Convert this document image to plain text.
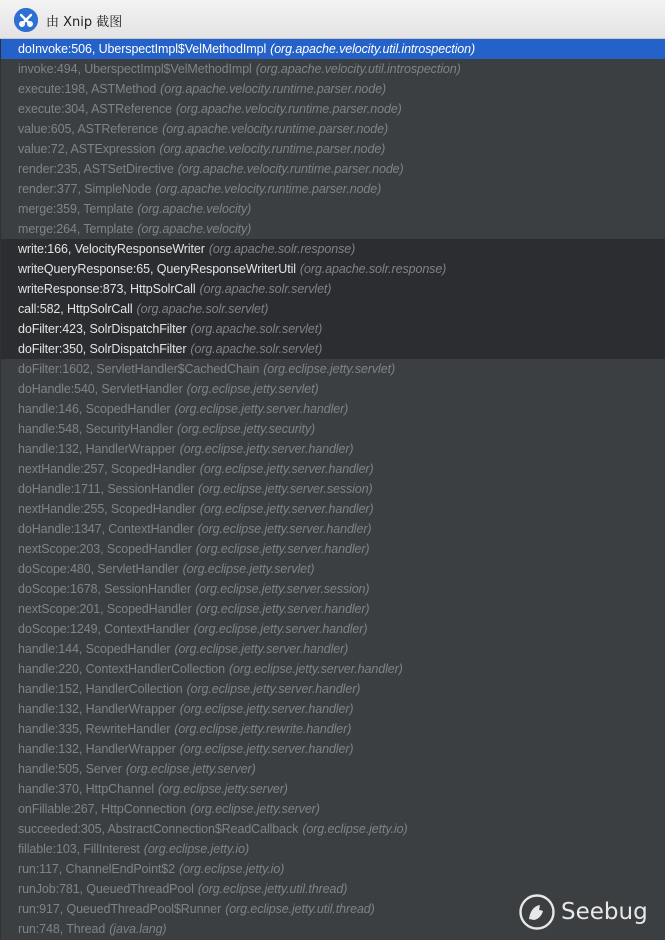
由 Xnip 截图
doInvoke:506, UberspectImpl$VelMethodImpl (org.apache.velocity.util.introspection)
invoke:494, UberspectImpl$VelMethodImpl (org.apache.velocity.util.introspection)
execute:198, ASTMethod (org.apache.velocity.runtime.parser.node)
execute:304, ASTReference (org.apache.velocity.runtime.parser.node)
value:605, ASTReference (org.apache.velocity.runtime.parser.node)
value:72, ASTExpression (org.apache.velocity.runtime.parser.node)
render:235, ASTSetDirective (org.apache.velocity.runtime.parser.node)
render:377, SimpleNode (org.apache.velocity.runtime.parser.node)
merge:359, Template (org.apache.velocity)
merge:264, Template (org.apache.velocity)
write:166, VelocityResponseWriter (org.apache.solr.response)
writeQueryResponse:65, QueryResponseWriterUtil (org.apache.solr.response)
writeResponse:873, HttpSolrCall (org.apache.solr.servlet)
call:582, HttpSolrCall (org.apache.solr.servlet)
doFilter:423, SolrDispatchFilter (org.apache.solr.servlet)
doFilter:350, SolrDispatchFilter (org.apache.solr.servlet)
doFilter:1602, ServletHandler$CachedChain (org.eclipse.jetty.servlet)
doHandle:540, ServletHandler (org.eclipse.jetty.servlet)
handle:146, ScopedHandler (org.eclipse.jetty.server.handler)
handle:548, SecurityHandler (org.eclipse.jetty.security)
handle:132, HandlerWrapper (org.eclipse.jetty.server.handler)
nextHandle:257, ScopedHandler (org.eclipse.jetty.server.handler)
doHandle:1711, SessionHandler (org.eclipse.jetty.server.session)
nextHandle:255, ScopedHandler (org.eclipse.jetty.server.handler)
doHandle:1347, ContextHandler (org.eclipse.jetty.server.handler)
nextScope:203, ScopedHandler (org.eclipse.jetty.server.handler)
doScope:480, ServletHandler (org.eclipse.jetty.servlet)
doScope:1678, SessionHandler (org.eclipse.jetty.server.session)
nextScope:201, ScopedHandler (org.eclipse.jetty.server.handler)
doScope:1249, ContextHandler (org.eclipse.jetty.server.handler)
handle:144, ScopedHandler (org.eclipse.jetty.server.handler)
handle:220, ContextHandlerCollection (org.eclipse.jetty.server.handler)
handle:152, HandlerCollection (org.eclipse.jetty.server.handler)
handle:132, HandlerWrapper (org.eclipse.jetty.server.handler)
handle:335, RewriteHandler (org.eclipse.jetty.rewrite.handler)
handle:132, HandlerWrapper (org.eclipse.jetty.server.handler)
handle:505, Server (org.eclipse.jetty.server)
handle:370, HttpChannel (org.eclipse.jetty.server)
onFillable:267, HttpConnection (org.eclipse.jetty.server)
succeeded:305, AbstractConnection$ReadCallback (org.eclipse.jetty.io)
fillable:103, FillInterest (org.eclipse.jetty.io)
run:117, ChannelEndPoint$2 (org.eclipse.jetty.io)
runJob:781, QueuedThreadPool (org.eclipse.jetty.util.thread)
run:917, QueuedThreadPool$Runner (org.eclipse.jetty.util.thread)
run:748, Thread (java.lang)
Seebug
